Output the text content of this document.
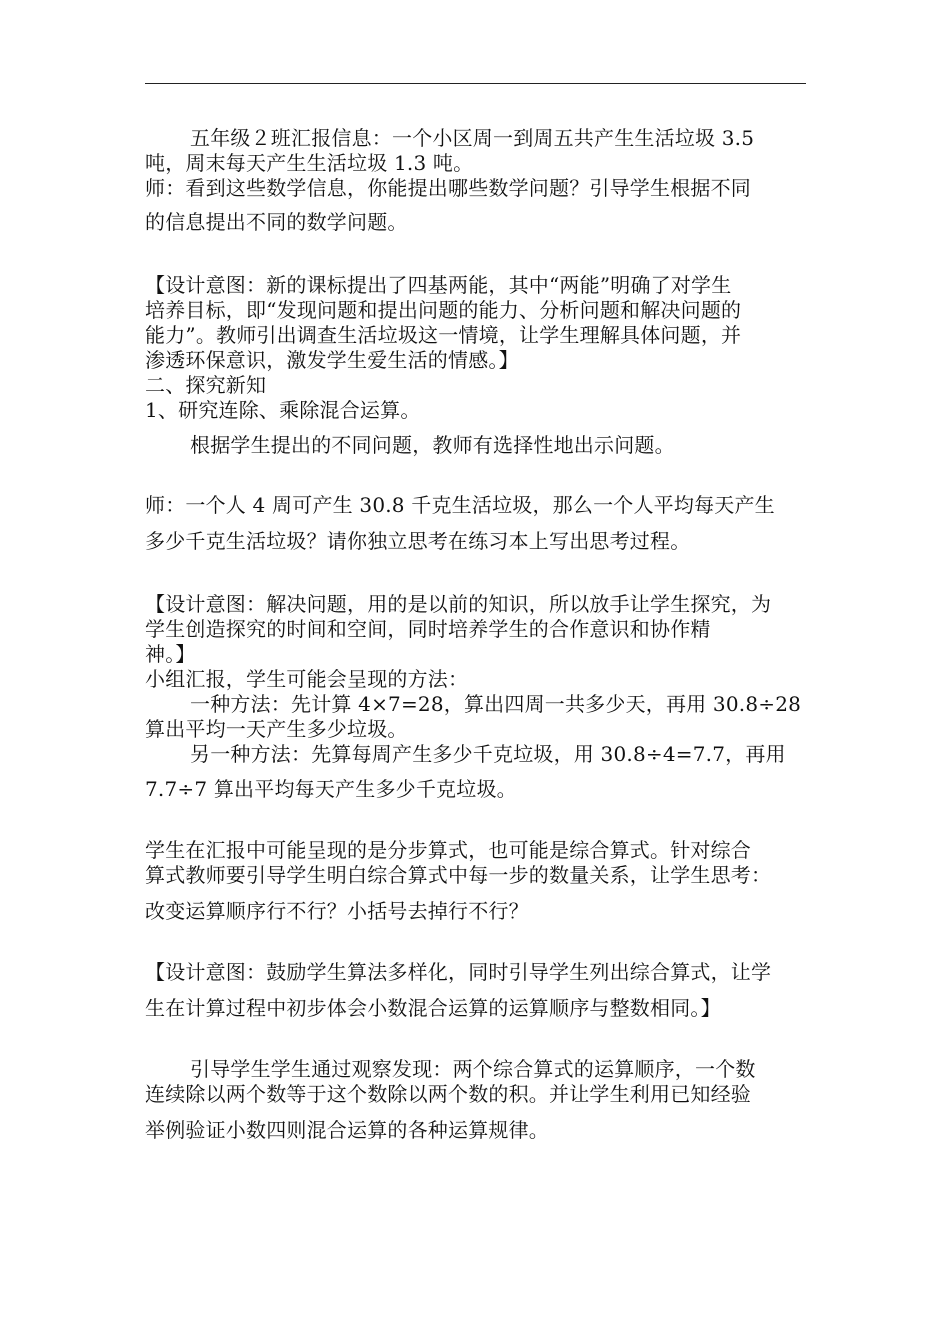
五年级２班汇报信息：一个小区周一到周五共产生生活垃圾 3.5
吨，周末每天产生生活垃圾 1.3 吨。
师：看到这些数学信息，你能提出哪些数学问题？引导学生根据不同
的信息提出不同的数学问题。
【设计意图：新的课标提出了四基两能，其中“两能”明确了对学生
培养目标，即“发现问题和提出问题的能力、分析问题和解决问题的
能力”。教师引出调查生活垃圾这一情境，让学生理解具体问题，并
渗透环保意识，激发学生爱生活的情感。】
二、探究新知
1、研究连除、乘除混合运算。
根据学生提出的不同问题，教师有选择性地出示问题。
师：一个人 4 周可产生 30.8 千克生活垃圾，那么一个人平均每天产生
多少千克生活垃圾？请你独立思考在练习本上写出思考过程。
【设计意图：解决问题，用的是以前的知识，所以放手让学生探究，为
学生创造探究的时间和空间，同时培养学生的合作意识和协作精
神。】
小组汇报，学生可能会呈现的方法：
一种方法：先计算 4×7=28，算出四周一共多少天，再用 30.8÷28
算出平均一天产生多少垃圾。
另一种方法：先算每周产生多少千克垃圾，用 30.8÷4=7.7，再用
7.7÷7 算出平均每天产生多少千克垃圾。
学生在汇报中可能呈现的是分步算式，也可能是综合算式。针对综合
算式教师要引导学生明白综合算式中每一步的数量关系，让学生思考：
改变运算顺序行不行？小括号去掉行不行？
【设计意图：鼓励学生算法多样化，同时引导学生列出综合算式，让学
生在计算过程中初步体会小数混合运算的运算顺序与整数相同。】
引导学生学生通过观察发现：两个综合算式的运算顺序，一个数
连续除以两个数等于这个数除以两个数的积。并让学生利用已知经验
举例验证小数四则混合运算的各种运算规律。
